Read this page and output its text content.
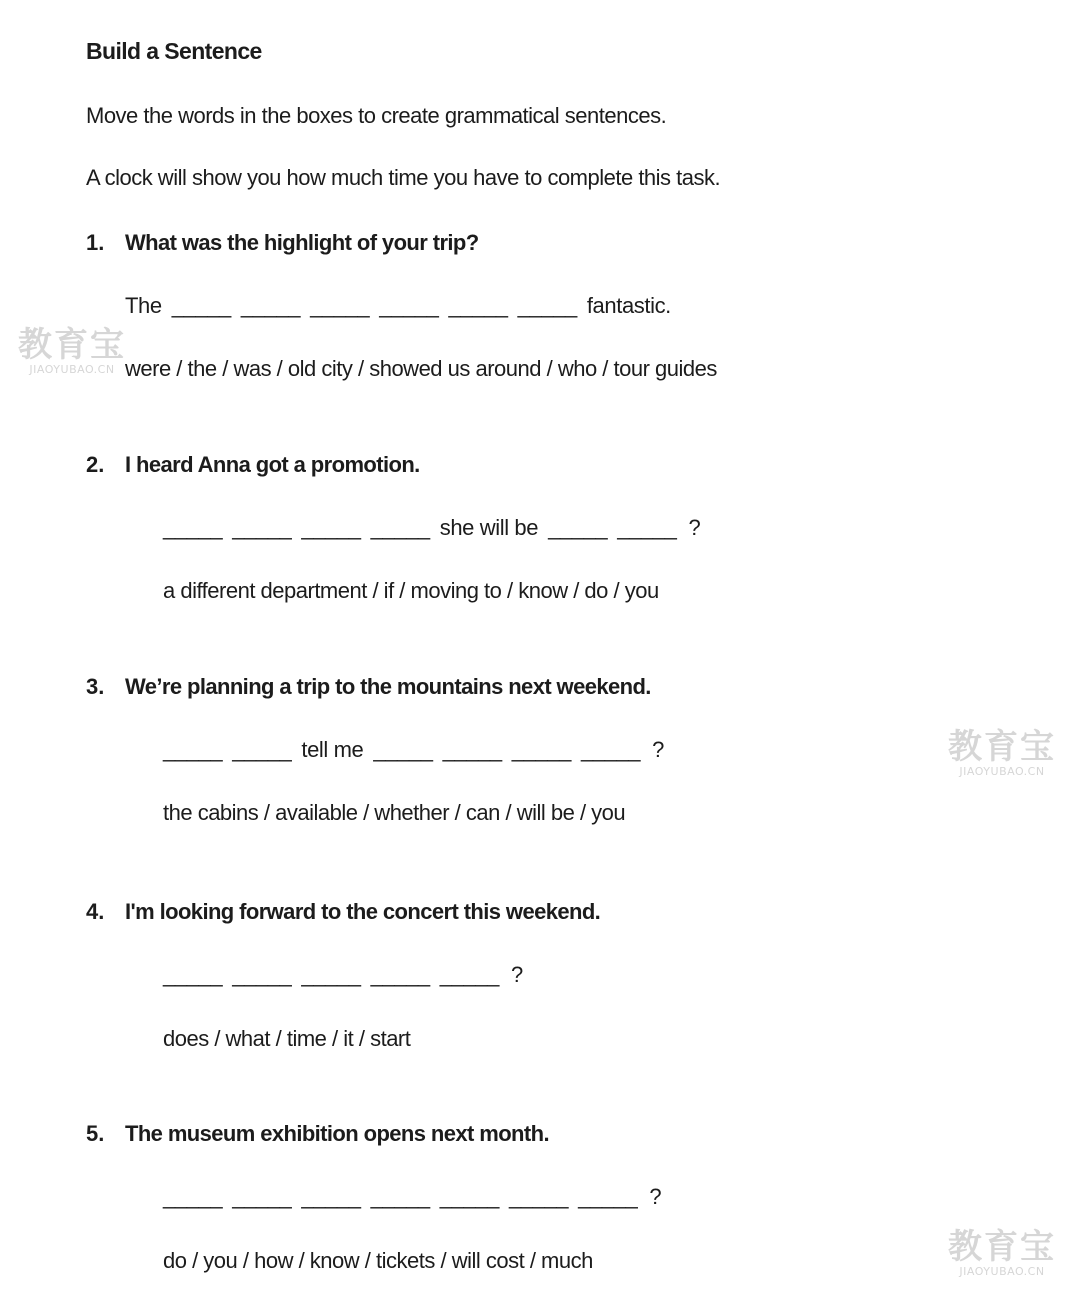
Build a Sentence
Move the words in the boxes to create grammatical sentences.
A clock will show you how much time you have to complete this task.
1. What was the highlight of your trip?
The _____ _____ _____ _____ _____ _____ fantastic.
were / the / was / old city / showed us around / who / tour guides
2. I heard Anna got a promotion.
_____ _____ _____ _____ she will be _____ _____ ?
a different department / if / moving to / know / do / you
3. We’re planning a trip to the mountains next weekend.
_____ _____ tell me _____ _____ _____ _____ ?
the cabins / available / whether / can / will be / you
4. I'm looking forward to the concert this weekend.
_____ _____ _____ _____ _____ ?
does / what / time / it / start
5. The museum exhibition opens next month.
_____ _____ _____ _____ _____ _____ _____ ?
do / you / how / know / tickets / will cost / much
教育宝
JIAOYUBAO.CN
教育宝
JIAOYUBAO.CN
教育宝
JIAOYUBAO.CN
